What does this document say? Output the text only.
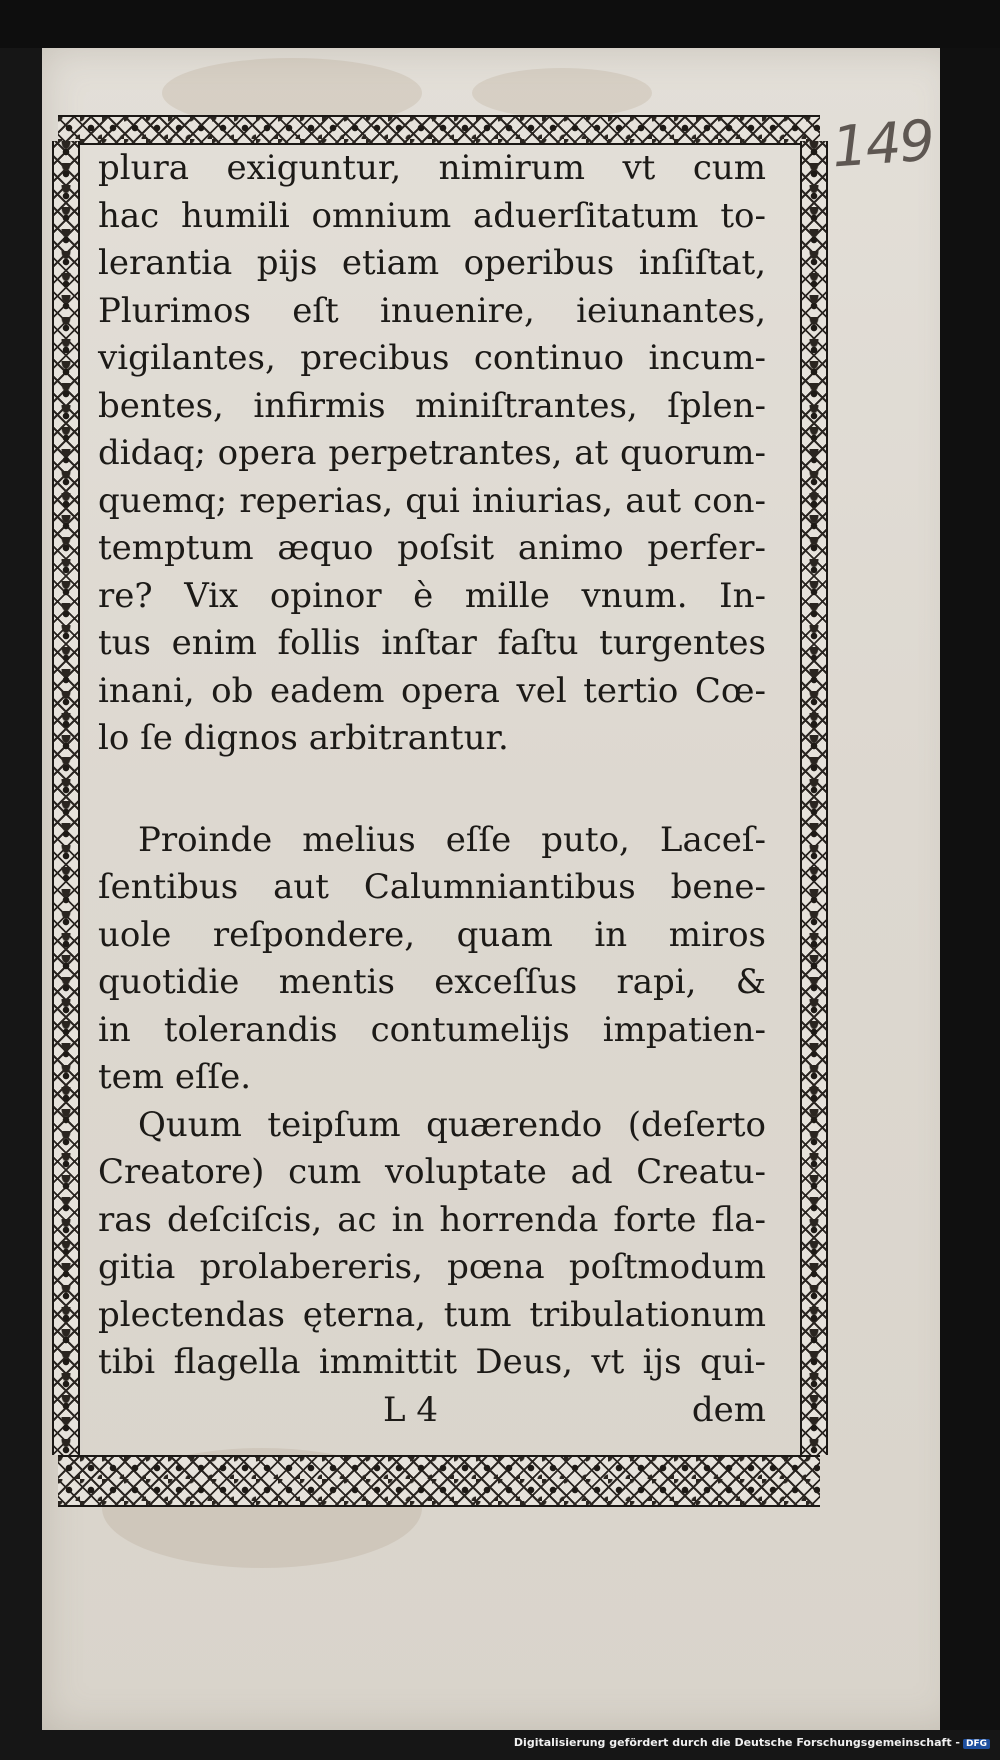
149
plura exiguntur, nimirum vt cum
hac humili omnium aduerſitatum to-
lerantia pijs etiam operibus inſiſtat,
Plurimos eſt inuenire, ieiunantes,
vigilantes, precibus continuo incum-
bentes, infirmis miniſtrantes, ſplen-
didaq; opera perpetrantes, at quorum-
quemq; reperias, qui iniurias, aut con-
temptum æquo poſsit animo perfer-
re? Vix opinor è mille vnum. In-
tus enim follis inſtar faſtu turgentes
inani, ob eadem opera vel tertio Cœ-
lo ſe dignos arbitrantur.
Proinde melius eſſe puto, Laceſ-
ſentibus aut Calumniantibus bene-
uole reſpondere, quam in miros
quotidie mentis exceſſus rapi, &
in tolerandis contumelijs impatien-
tem eſſe.
Quum teipſum quærendo (deſerto
Creatore) cum voluptate ad Creatu-
ras deſciſcis, ac in horrenda forte fla-
gitia prolabereris, pœna poſtmodum
plectendas ęterna, tum tribulationum
tibi flagella immittit Deus, vt ijs qui-
L 4	dem
Digitalisierung gefördert durch die Deutsche Forschungsgemeinschaft - DFG
